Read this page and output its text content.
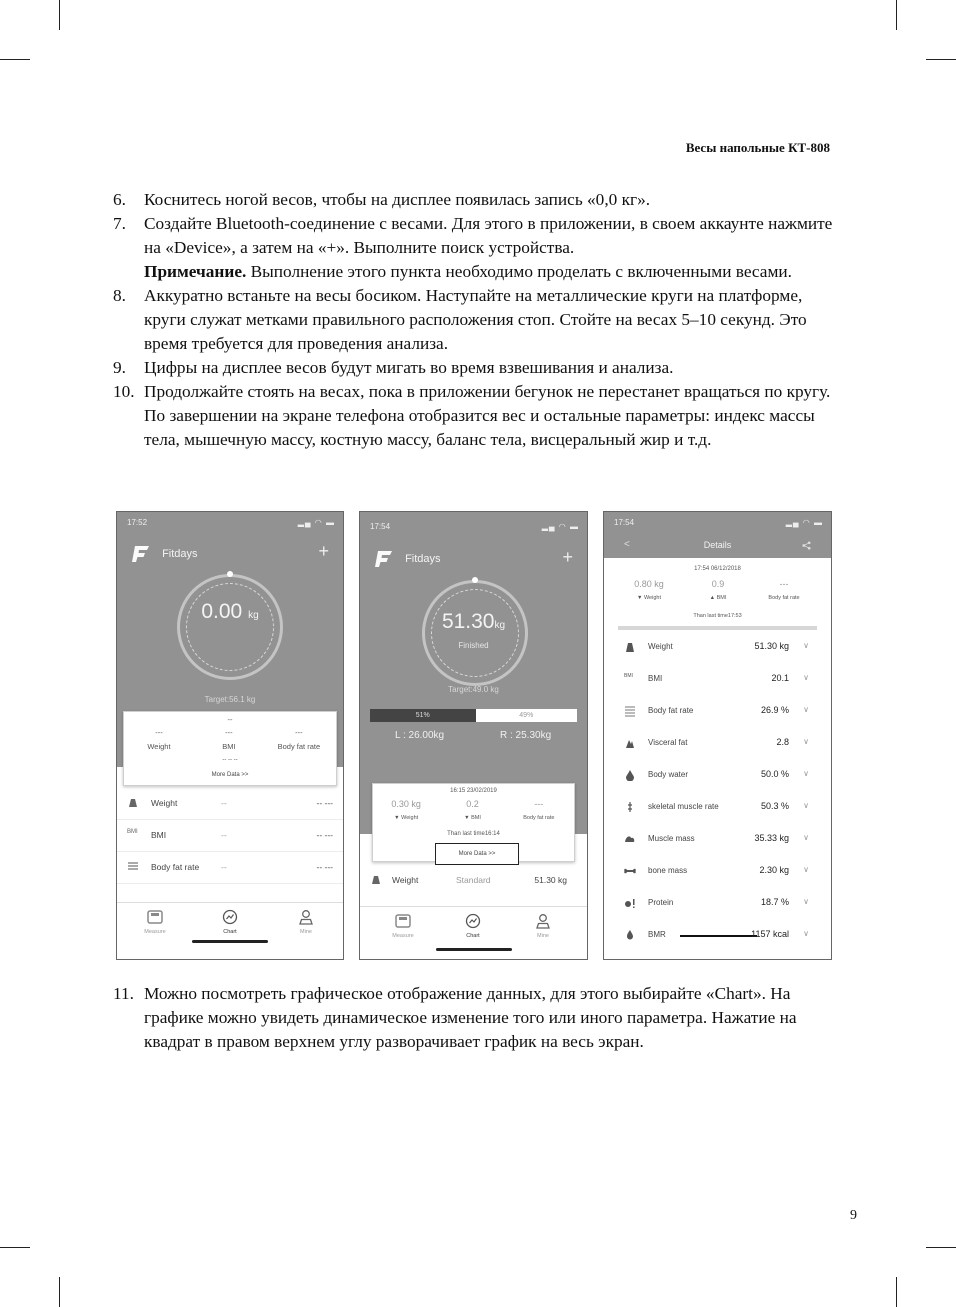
Весы напольные КТ-808
6. Коснитесь ногой весов, чтобы на дисплее появилась запись «0,0 кг».
7. Создайте Bluetooth-соединение с весами. Для этого в приложении, в своем аккаунте нажмите на «Device», а затем на «+». Выполните поиск устройства.
Примечание. Выполнение этого пункта необходимо проделать с включенными весами.
8. Аккуратно встаньте на весы босиком. Наступайте на металлические круги на платформе, круги служат метками правильного расположения стоп. Стойте на весах 5–10 секунд. Это время требуется для проведения анализа.
9. Цифры на дисплее весов будут мигать во время взвешивания и анализа.
10. Продолжайте стоять на весах, пока в приложении бегунок не перестанет вращаться по кругу. По завершении на экране телефона отобразится вес и остальные параметры: индекс массы тела, мышечную массу, костную массу, баланс тела, висцеральный жир и т.д.
17:52	▂▄ ◠ ▬
Fitdays	+
0.00 kg
Target:56.1 kg
--
---	---	---
Weight	BMI	Body fat rate
-- -- --
More Data >>
Weight	--	-- ---
BMI BMI	--	-- ---
Body fat rate	--	-- ---
Measure	Chart	Mine
17:54	▂▄ ◠ ▬
Fitdays	+
51.30kg
Finished
Target:49.0 kg
51%	49%
L : 26.00kg	R : 25.30kg
16:15 23/02/2019
0.30 kg	0.2	---
▼ Weight	▼ BMI	Body fat rate
Than last time16:14
More Data >>
Weight	Standard	51.30 kg
Measure	Chart	Mine
17:54	▂▄ ◠ ▬
<	Details
17:54 06/12/2018
0.80 kg	0.9	---
▼ Weight	▲ BMI	Body fat rate
Than last time17:53
Weight	51.30 kg ∨
BMI	BMI	20.1 ∨
Body fat rate	26.9 % ∨
Visceral fat	2.8 ∨
Body water	50.0 % ∨
skeletal muscle rate	50.3 % ∨
Muscle mass	35.33 kg ∨
bone mass	2.30 kg ∨
Protein	18.7 % ∨
BMR	1157 kcal ∨
11. Можно посмотреть графическое отображение данных, для этого выбирайте «Chart». На графике можно увидеть динамическое изменение того или иного параметра. Нажатие на квадрат в правом верхнем углу разворачивает график на весь экран.
9
